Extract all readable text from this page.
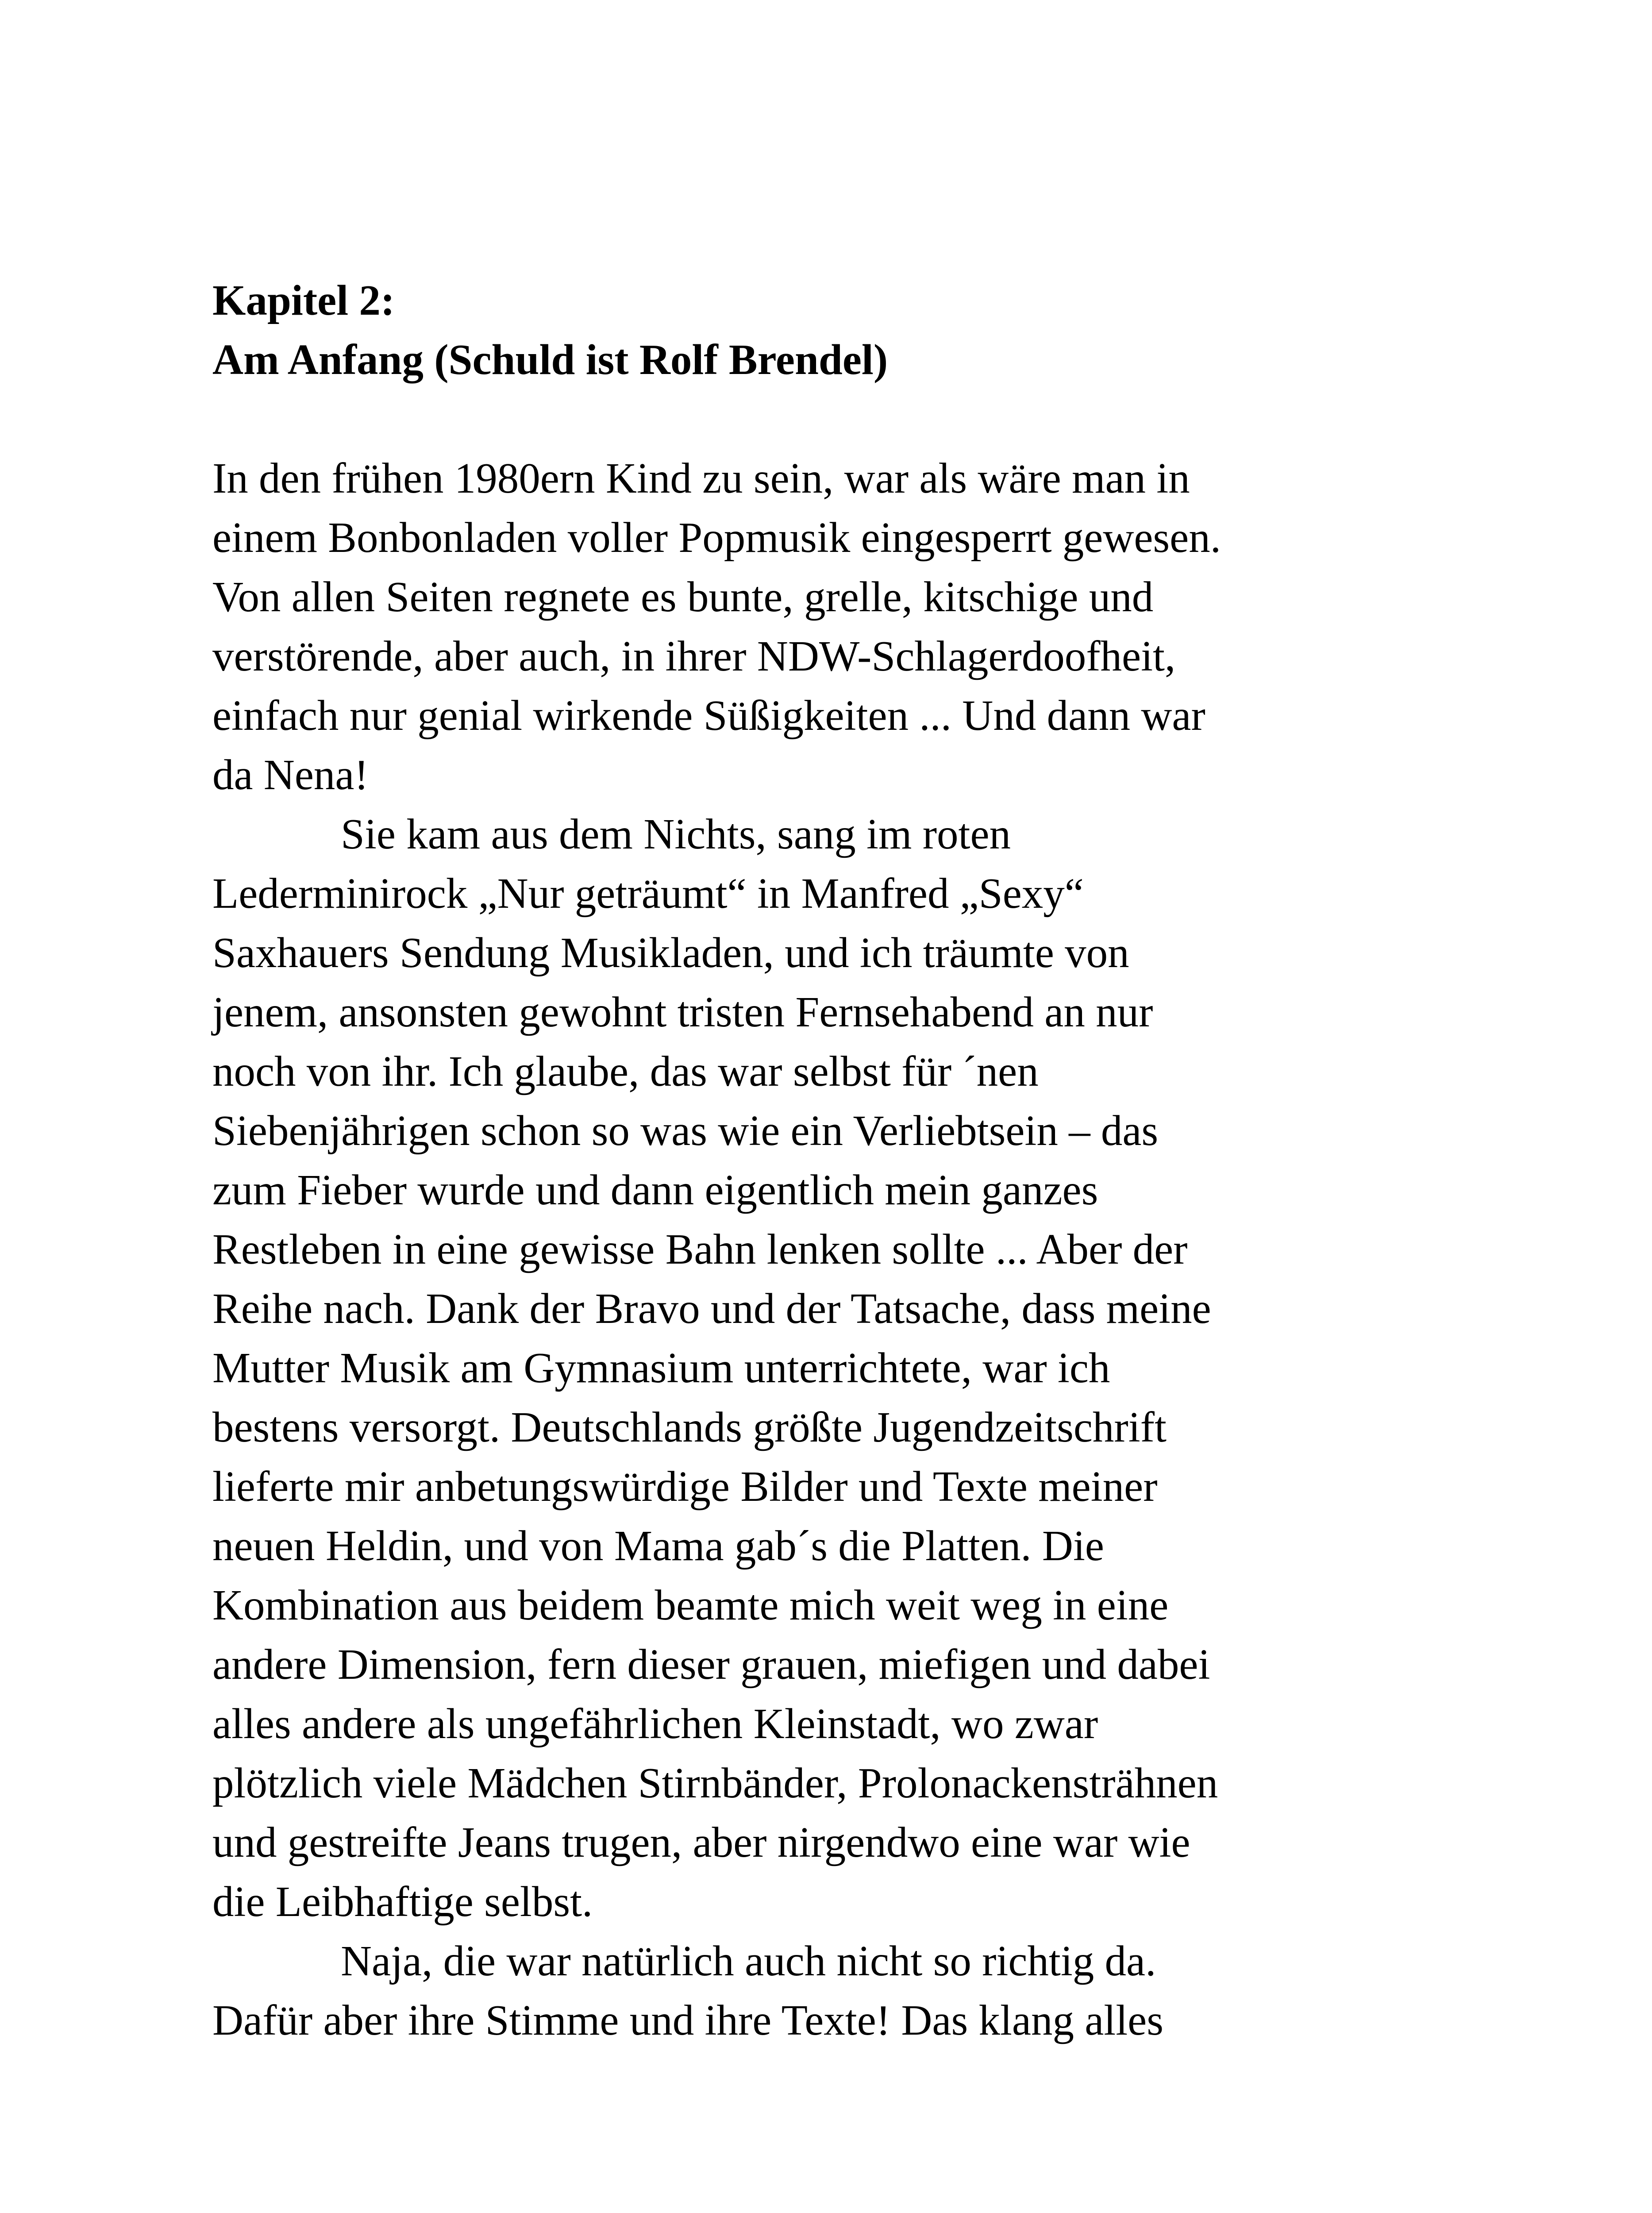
Kapitel 2:
Am Anfang (Schuld ist Rolf Brendel)
In den frühen 1980ern Kind zu sein, war als wäre man in
einem Bonbonladen voller Popmusik eingesperrt gewesen.
Von allen Seiten regnete es bunte, grelle, kitschige und
verstörende, aber auch, in ihrer NDW-Schlagerdoofheit,
einfach nur genial wirkende Süßigkeiten ... Und dann war
da Nena!
Sie kam aus dem Nichts, sang im roten
Lederminirock „Nur geträumt“ in Manfred „Sexy“
Saxhauers Sendung Musikladen, und ich träumte von
jenem, ansonsten gewohnt tristen Fernsehabend an nur
noch von ihr. Ich glaube, das war selbst für ´nen
Siebenjährigen schon so was wie ein Verliebtsein – das
zum Fieber wurde und dann eigentlich mein ganzes
Restleben in eine gewisse Bahn lenken sollte ... Aber der
Reihe nach. Dank der Bravo und der Tatsache, dass meine
Mutter Musik am Gymnasium unterrichtete, war ich
bestens versorgt. Deutschlands größte Jugendzeitschrift
lieferte mir anbetungswürdige Bilder und Texte meiner
neuen Heldin, und von Mama gab´s die Platten. Die
Kombination aus beidem beamte mich weit weg in eine
andere Dimension, fern dieser grauen, miefigen und dabei
alles andere als ungefährlichen Kleinstadt, wo zwar
plötzlich viele Mädchen Stirnbänder, Prolonackensträhnen
und gestreifte Jeans trugen, aber nirgendwo eine war wie
die Leibhaftige selbst.
Naja, die war natürlich auch nicht so richtig da.
Dafür aber ihre Stimme und ihre Texte! Das klang alles
